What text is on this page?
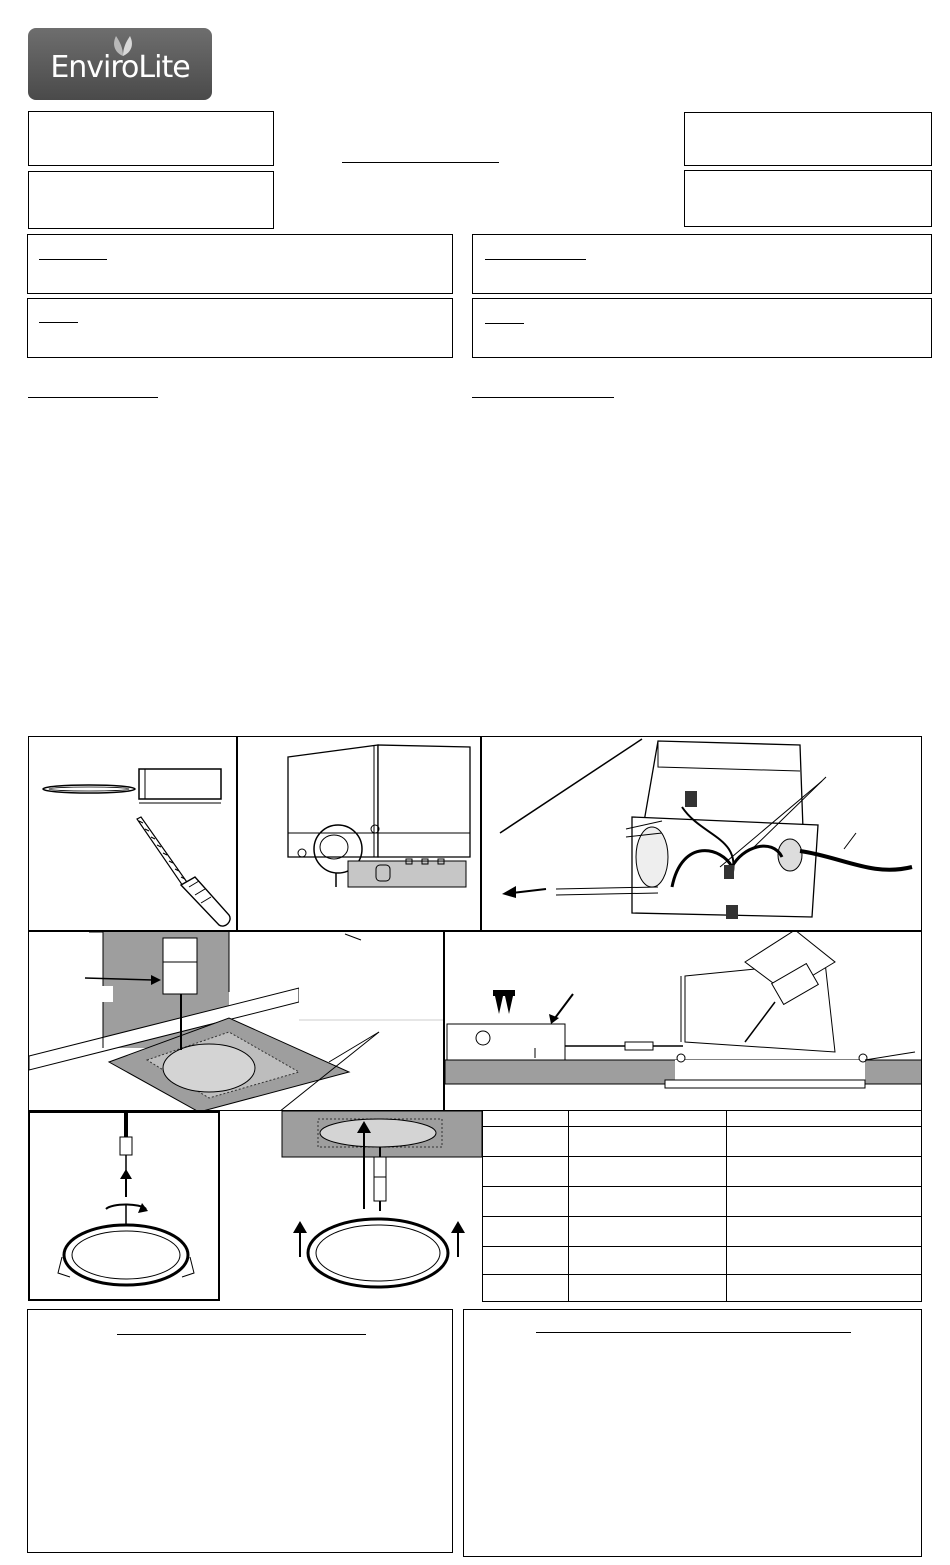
EnviroLite
